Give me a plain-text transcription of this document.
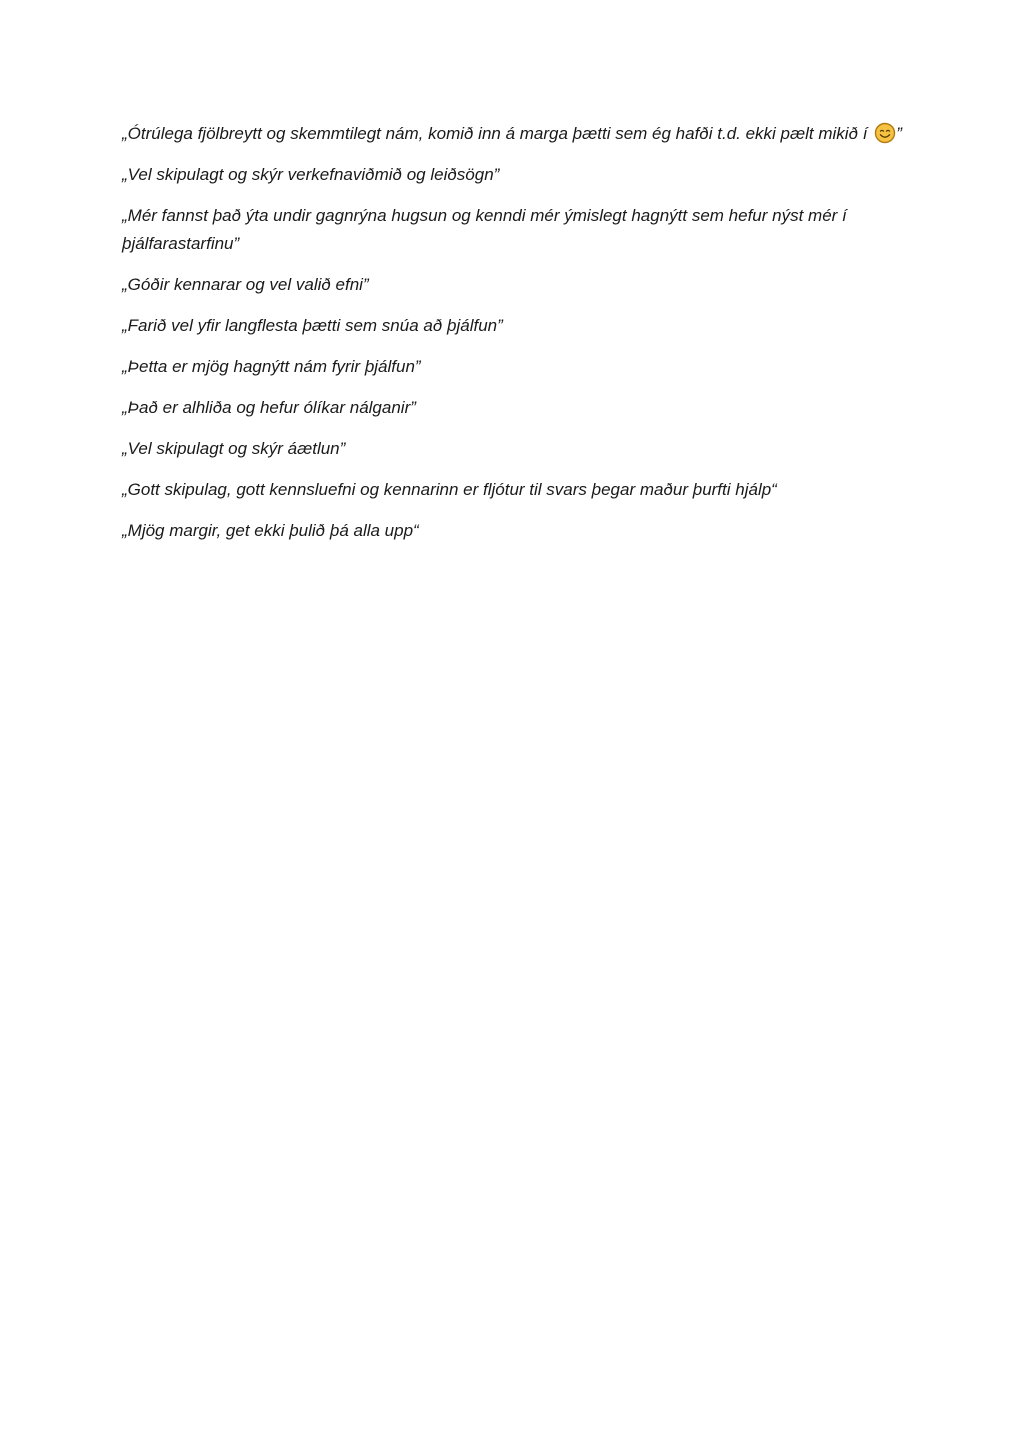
„Ótrúlega fjölbreytt og skemmtilegt nám, komið inn á marga þætti sem ég hafði t.d. ekki pælt mikið í ”

„Vel skipulagt og skýr verkefnaviðmið og leiðsögn”

„Mér fannst það ýta undir gagnrýna hugsun og kenndi mér ýmislegt hagnýtt sem hefur nýst mér í þjálfarastarfinu”

„Góðir kennarar og vel valið efni”

„Farið vel yfir langflesta þætti sem snúa að þjálfun”

„Þetta er mjög hagnýtt nám fyrir þjálfun”

„Það er alhliða og hefur ólíkar nálganir”

„Vel skipulagt og skýr áætlun”

„Gott skipulag, gott kennsluefni og kennarinn er fljótur til svars þegar maður þurfti hjálp“

„Mjög margir, get ekki þulið þá alla upp“
